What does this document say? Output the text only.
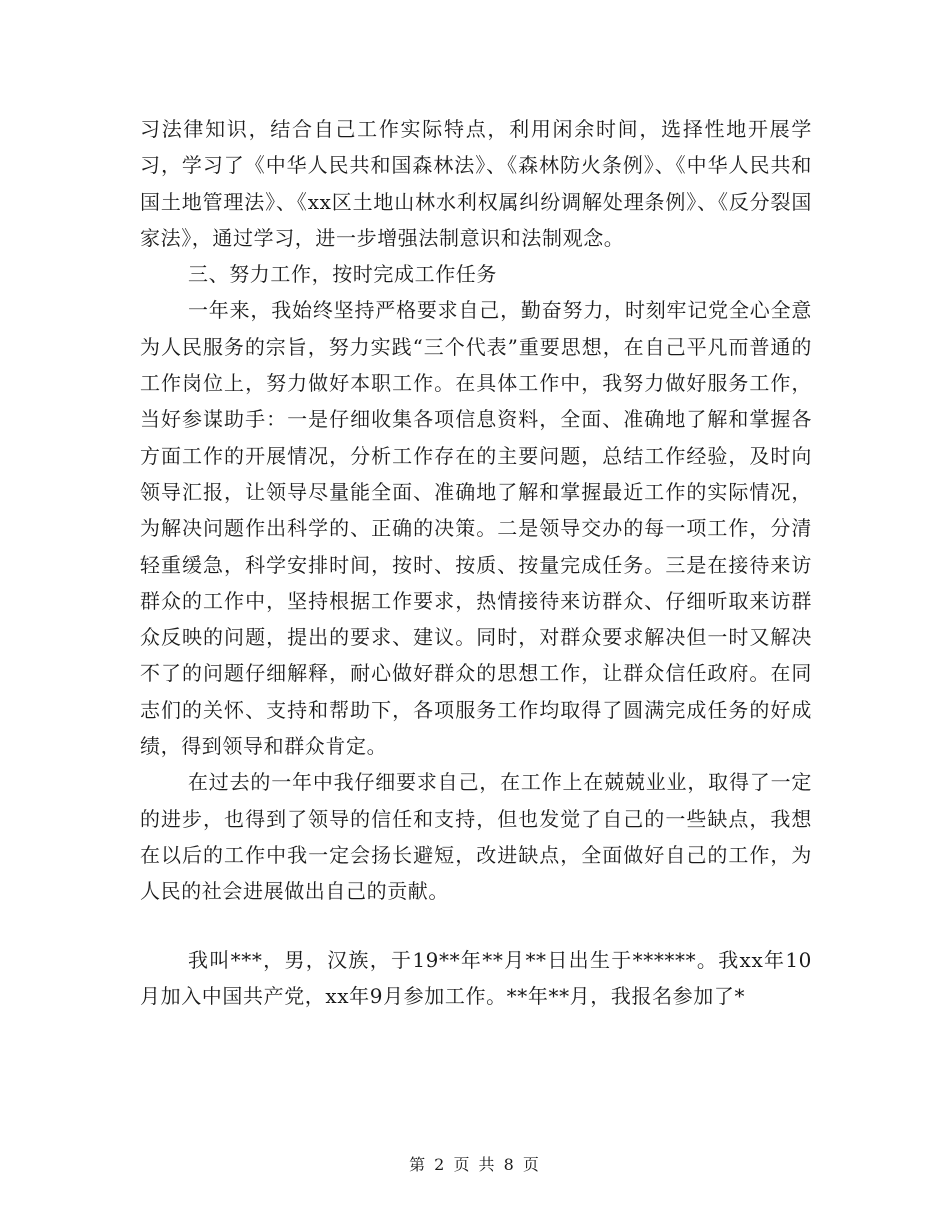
习法律知识，结合自己工作实际特点，利用闲余时间，选择性地开展学习，学习了《中华人民共和国森林法》、《森林防火条例》、《中华人民共和国土地管理法》、《xx区土地山林水利权属纠纷调解处理条例》、《反分裂国家法》，通过学习，进一步增强法制意识和法制观念。

三、努力工作，按时完成工作任务

一年来，我始终坚持严格要求自己，勤奋努力，时刻牢记党全心全意为人民服务的宗旨，努力实践“三个代表”重要思想，在自己平凡而普通的工作岗位上，努力做好本职工作。在具体工作中，我努力做好服务工作，当好参谋助手：一是仔细收集各项信息资料，全面、准确地了解和掌握各方面工作的开展情况，分析工作存在的主要问题，总结工作经验，及时向领导汇报，让领导尽量能全面、准确地了解和掌握最近工作的实际情况，为解决问题作出科学的、正确的决策。二是领导交办的每一项工作，分清轻重缓急，科学安排时间，按时、按质、按量完成任务。三是在接待来访群众的工作中，坚持根据工作要求，热情接待来访群众、仔细听取来访群众反映的问题，提出的要求、建议。同时，对群众要求解决但一时又解决不了的问题仔细解释，耐心做好群众的思想工作，让群众信任政府。在同志们的关怀、支持和帮助下，各项服务工作均取得了圆满完成任务的好成绩，得到领导和群众肯定。

在过去的一年中我仔细要求自己，在工作上在兢兢业业，取得了一定的进步，也得到了领导的信任和支持，但也发觉了自己的一些缺点，我想在以后的工作中我一定会扬长避短，改进缺点，全面做好自己的工作，为人民的社会进展做出自己的贡献。

我叫***，男，汉族，于19**年**月**日出生于******。我xx年10月加入中国共产党，xx年9月参加工作。**年**月，我报名参加了*

第 2 页 共 8 页
